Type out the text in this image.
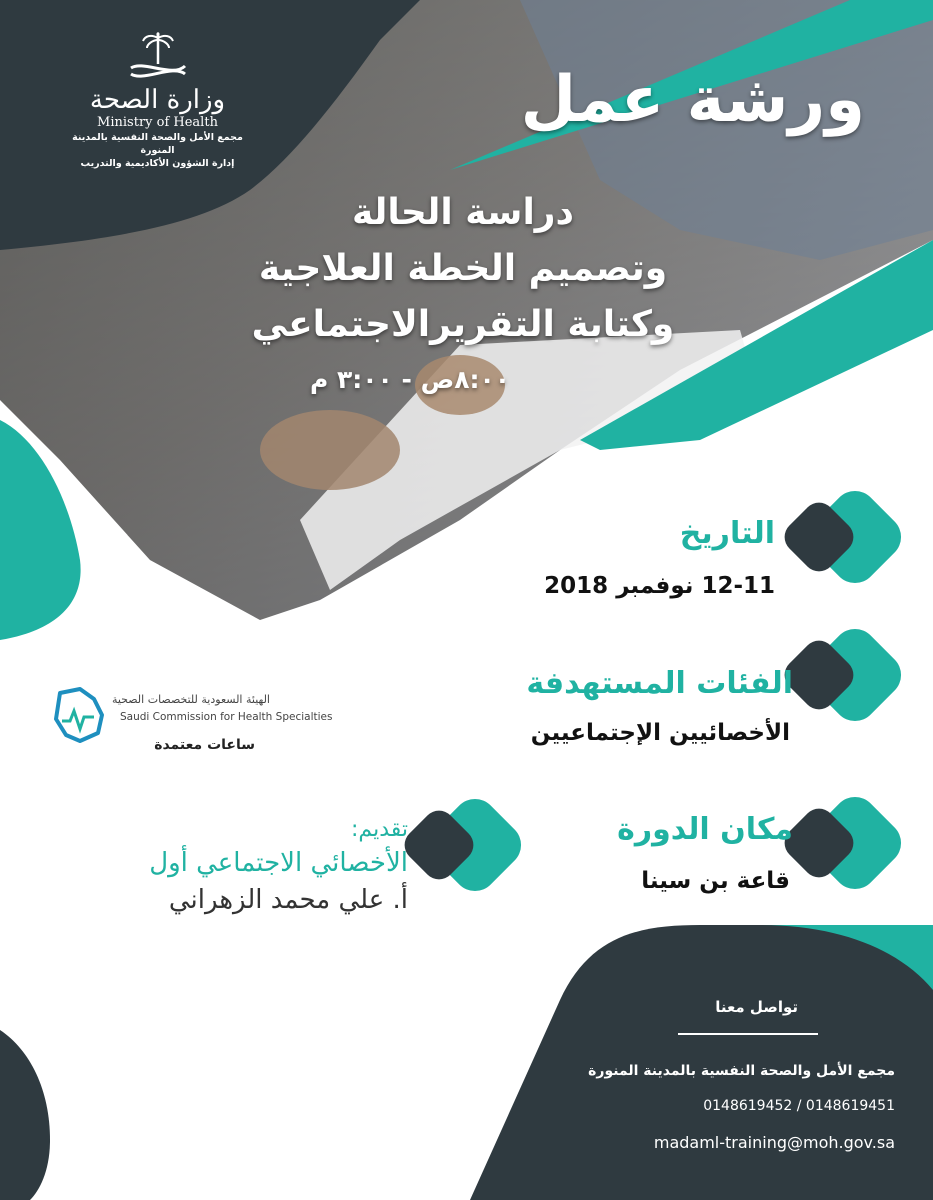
وزارة الصحة
Ministry of Health
مجمع الأمل والصحة النفسية بالمدينة المنورة
إدارة الشؤون الأكاديمية والتدريب
ورشة عمل
دراسة الحالة
وتصميم الخطة العلاجية
وكتابة التقريرالاجتماعي
٨:٠٠ص - ٣:٠٠ م
التاريخ
12-11 نوفمبر 2018
الفئات المستهدفة
الأخصائيين الإجتماعيين
مكان الدورة
قاعة بن سينا
الهيئة السعودية للتخصصات الصحية
Saudi Commission for Health Specialties
ساعات معتمدة
تقديم:
الأخصائي الاجتماعي أول
أ. علي محمد الزهراني
تواصل معنا
مجمع الأمل والصحة النفسية بالمدينة المنورة
0148619452 / 0148619451
madaml-training@moh.gov.sa
